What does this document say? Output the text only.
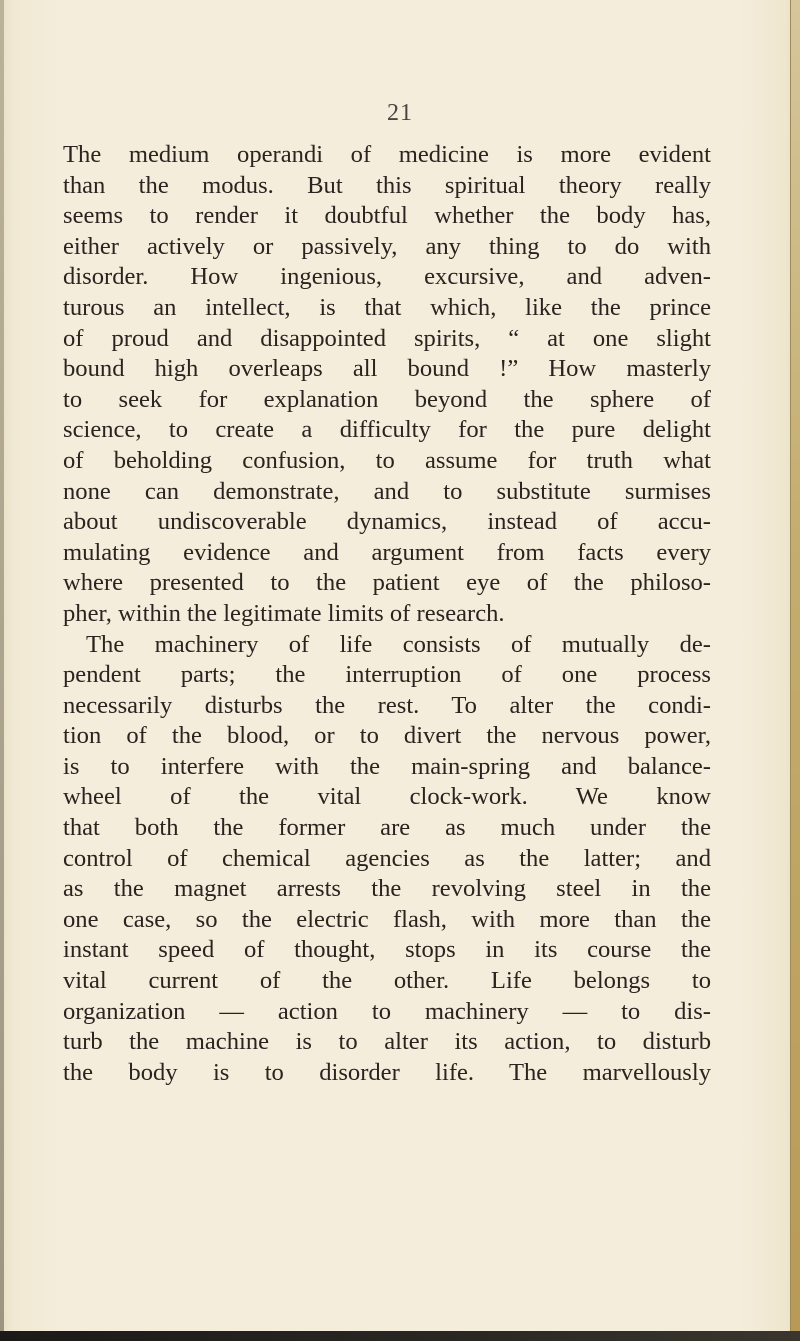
21
The medium operandi of medicine is more evident
than the modus. But this spiritual theory really
seems to render it doubtful whether the body has,
either actively or passively, any thing to do with
disorder. How ingenious, excursive, and adven-
turous an intellect, is that which, like the prince
of proud and disappointed spirits, “ at one slight
bound high overleaps all bound !” How masterly
to seek for explanation beyond the sphere of
science, to create a difficulty for the pure delight
of beholding confusion, to assume for truth what
none can demonstrate, and to substitute surmises
about undiscoverable dynamics, instead of accu-
mulating evidence and argument from facts every
where presented to the patient eye of the philoso-
pher, within the legitimate limits of research.
The machinery of life consists of mutually de-
pendent parts; the interruption of one process
necessarily disturbs the rest. To alter the condi-
tion of the blood, or to divert the nervous power,
is to interfere with the main-spring and balance-
wheel of the vital clock-work. We know
that both the former are as much under the
control of chemical agencies as the latter; and
as the magnet arrests the revolving steel in the
one case, so the electric flash, with more than the
instant speed of thought, stops in its course the
vital current of the other. Life belongs to
organization — action to machinery — to dis-
turb the machine is to alter its action, to disturb
the body is to disorder life. The marvellously
